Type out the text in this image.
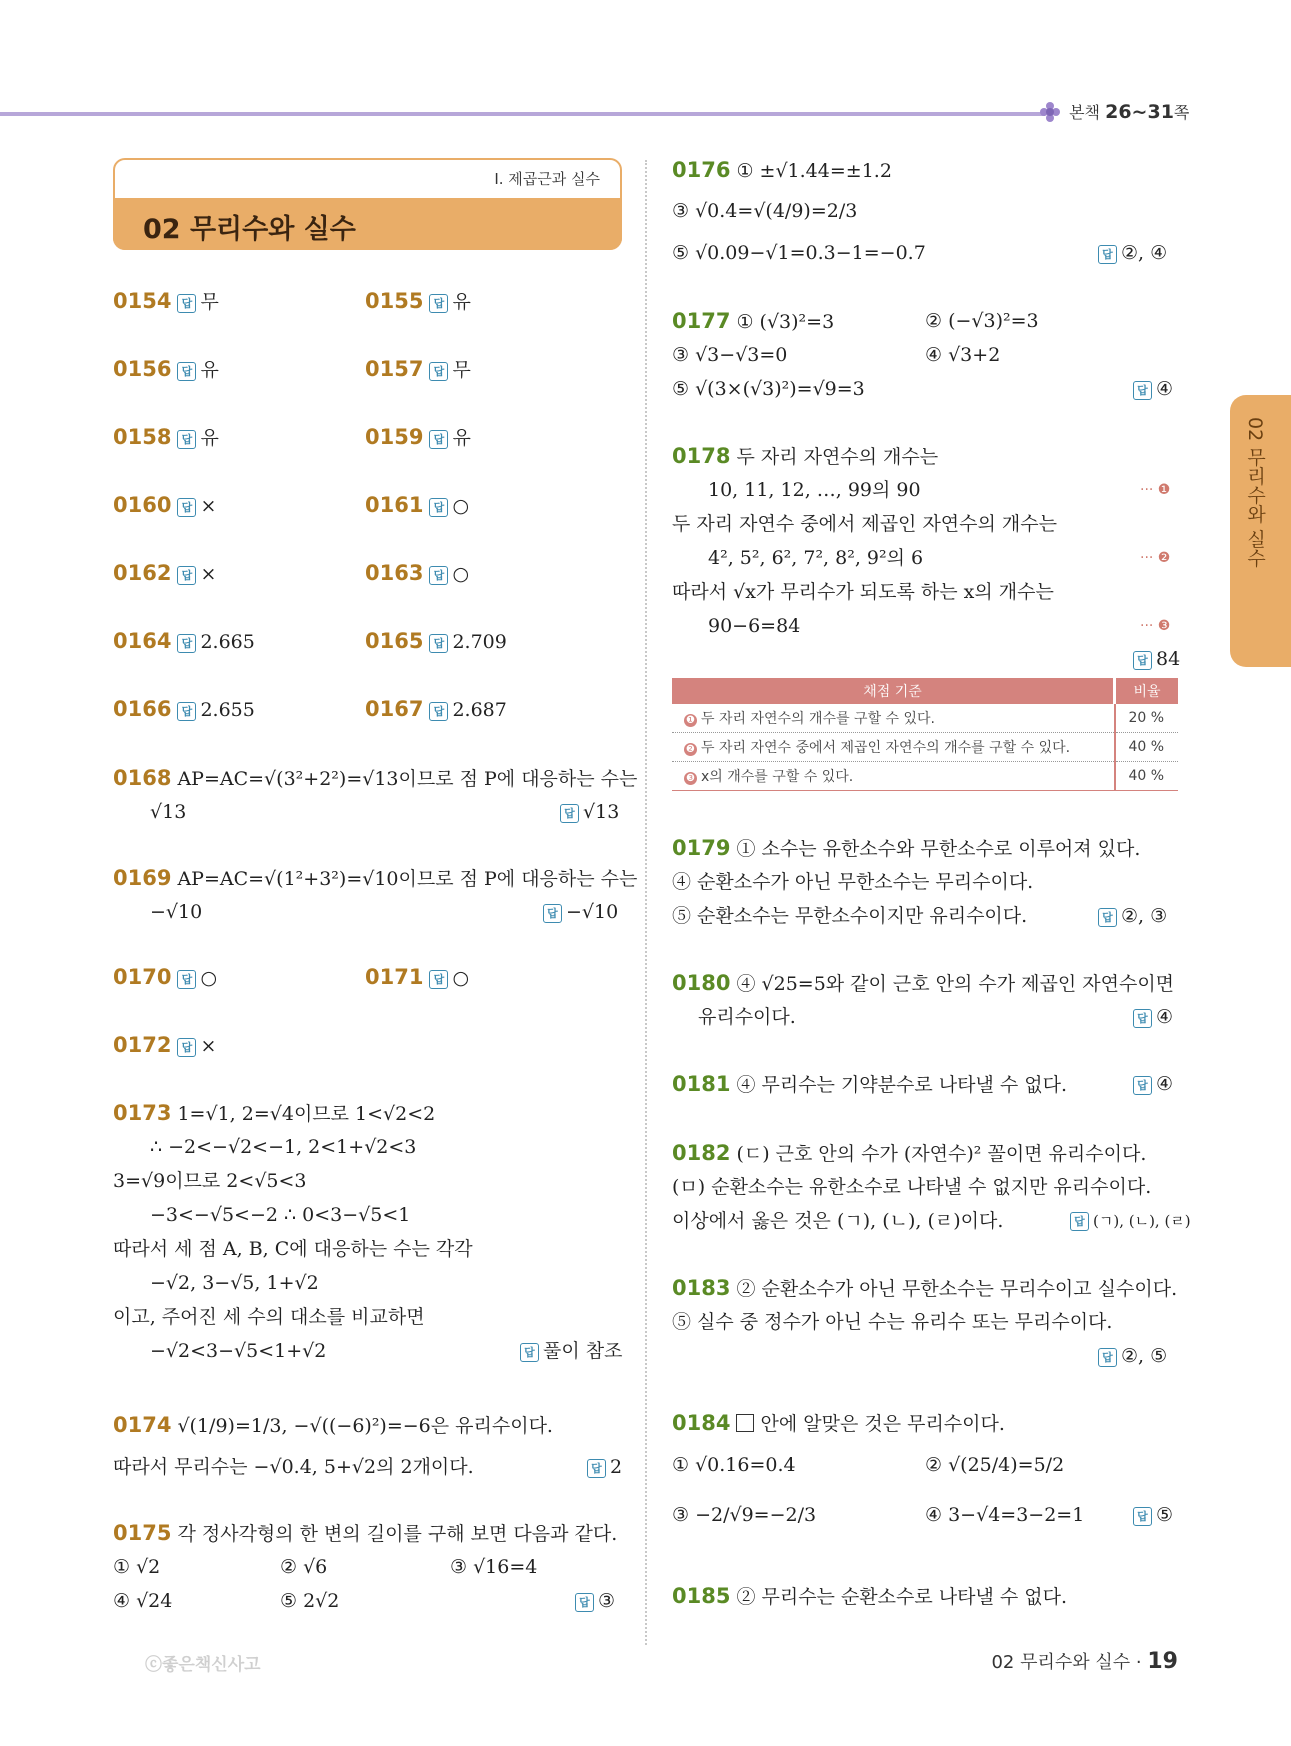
본책 26~31쪽
02 무리수와 실수
Ⅰ. 제곱근과 실수
02 무리수와 실수
0154 답 무	0155 답 유
0156 답 유	0157 답 무
0158 답 유	0159 답 유
0160 답 ×	0161 답 ○
0162 답 ×	0163 답 ○
0164 답 2.665	0165 답 2.709
0166 답 2.655	0167 답 2.687
0168 AP=AC=√(3²+2²)=√13이므로 점 P에 대응하는 수는
√13	답 √13
0169 AP=AC=√(1²+3²)=√10이므로 점 P에 대응하는 수는
−√10	답 −√10
0170 답 ○	0171 답 ○
0172 답 ×
0173 1=√1, 2=√4이므로 1<√2<2
∴ −2<−√2<−1, 2<1+√2<3
3=√9이므로 2<√5<3
−3<−√5<−2 ∴ 0<3−√5<1
따라서 세 점 A, B, C에 대응하는 수는 각각
−√2, 3−√5, 1+√2
이고, 주어진 세 수의 대소를 비교하면
−√2<3−√5<1+√2	답 풀이 참조
0174 √(1/9)=1/3, −√((−6)²)=−6은 유리수이다.
따라서 무리수는 −√0.4, 5+√2의 2개이다.	답 2
0175 각 정사각형의 한 변의 길이를 구해 보면 다음과 같다.
① √2	② √6	③ √16=4
④ √24	⑤ 2√2	답 ③
0176 ① ±√1.44=±1.2
③ √0.4̇=√(4/9)=2/3
⑤ √0.09−√1=0.3−1=−0.7	답 ②, ④
0177 ① (√3)²=3	② (−√3)²=3
③ √3−√3=0	④ √3+2
⑤ √(3×(√3)²)=√9=3	답 ④
0178 두 자리 자연수의 개수는
10, 11, 12, …, 99의 90	··· ❶
두 자리 자연수 중에서 제곱인 자연수의 개수는
4², 5², 6², 7², 8², 9²의 6	··· ❷
따라서 √x가 무리수가 되도록 하는 x의 개수는
90−6=84	··· ❸
답 84
채점 기준	비율
❶ 두 자리 자연수의 개수를 구할 수 있다.	20 %
❷ 두 자리 자연수 중에서 제곱인 자연수의 개수를 구할 수 있다.	40 %
❸ x의 개수를 구할 수 있다.	40 %
0179 ① 소수는 유한소수와 무한소수로 이루어져 있다.
④ 순환소수가 아닌 무한소수는 무리수이다.
⑤ 순환소수는 무한소수이지만 유리수이다.	답 ②, ③
0180 ④ √25=5와 같이 근호 안의 수가 제곱인 자연수이면
유리수이다.	답 ④
0181 ④ 무리수는 기약분수로 나타낼 수 없다.	답 ④
0182 (ㄷ) 근호 안의 수가 (자연수)² 꼴이면 유리수이다.
(ㅁ) 순환소수는 유한소수로 나타낼 수 없지만 유리수이다.
이상에서 옳은 것은 (ㄱ), (ㄴ), (ㄹ)이다.	답 (ㄱ), (ㄴ), (ㄹ)
0183 ② 순환소수가 아닌 무한소수는 무리수이고 실수이다.
⑤ 실수 중 정수가 아닌 수는 유리수 또는 무리수이다.
답 ②, ⑤
0184 안에 알맞은 것은 무리수이다.
① √0.16=0.4	② √(25/4)=5/2
③ −2/√9=−2/3	④ 3−√4=3−2=1	답 ⑤
0185 ② 무리수는 순환소수로 나타낼 수 없다.
ⓒ좋은책신사고	02 무리수와 실수 · 19
